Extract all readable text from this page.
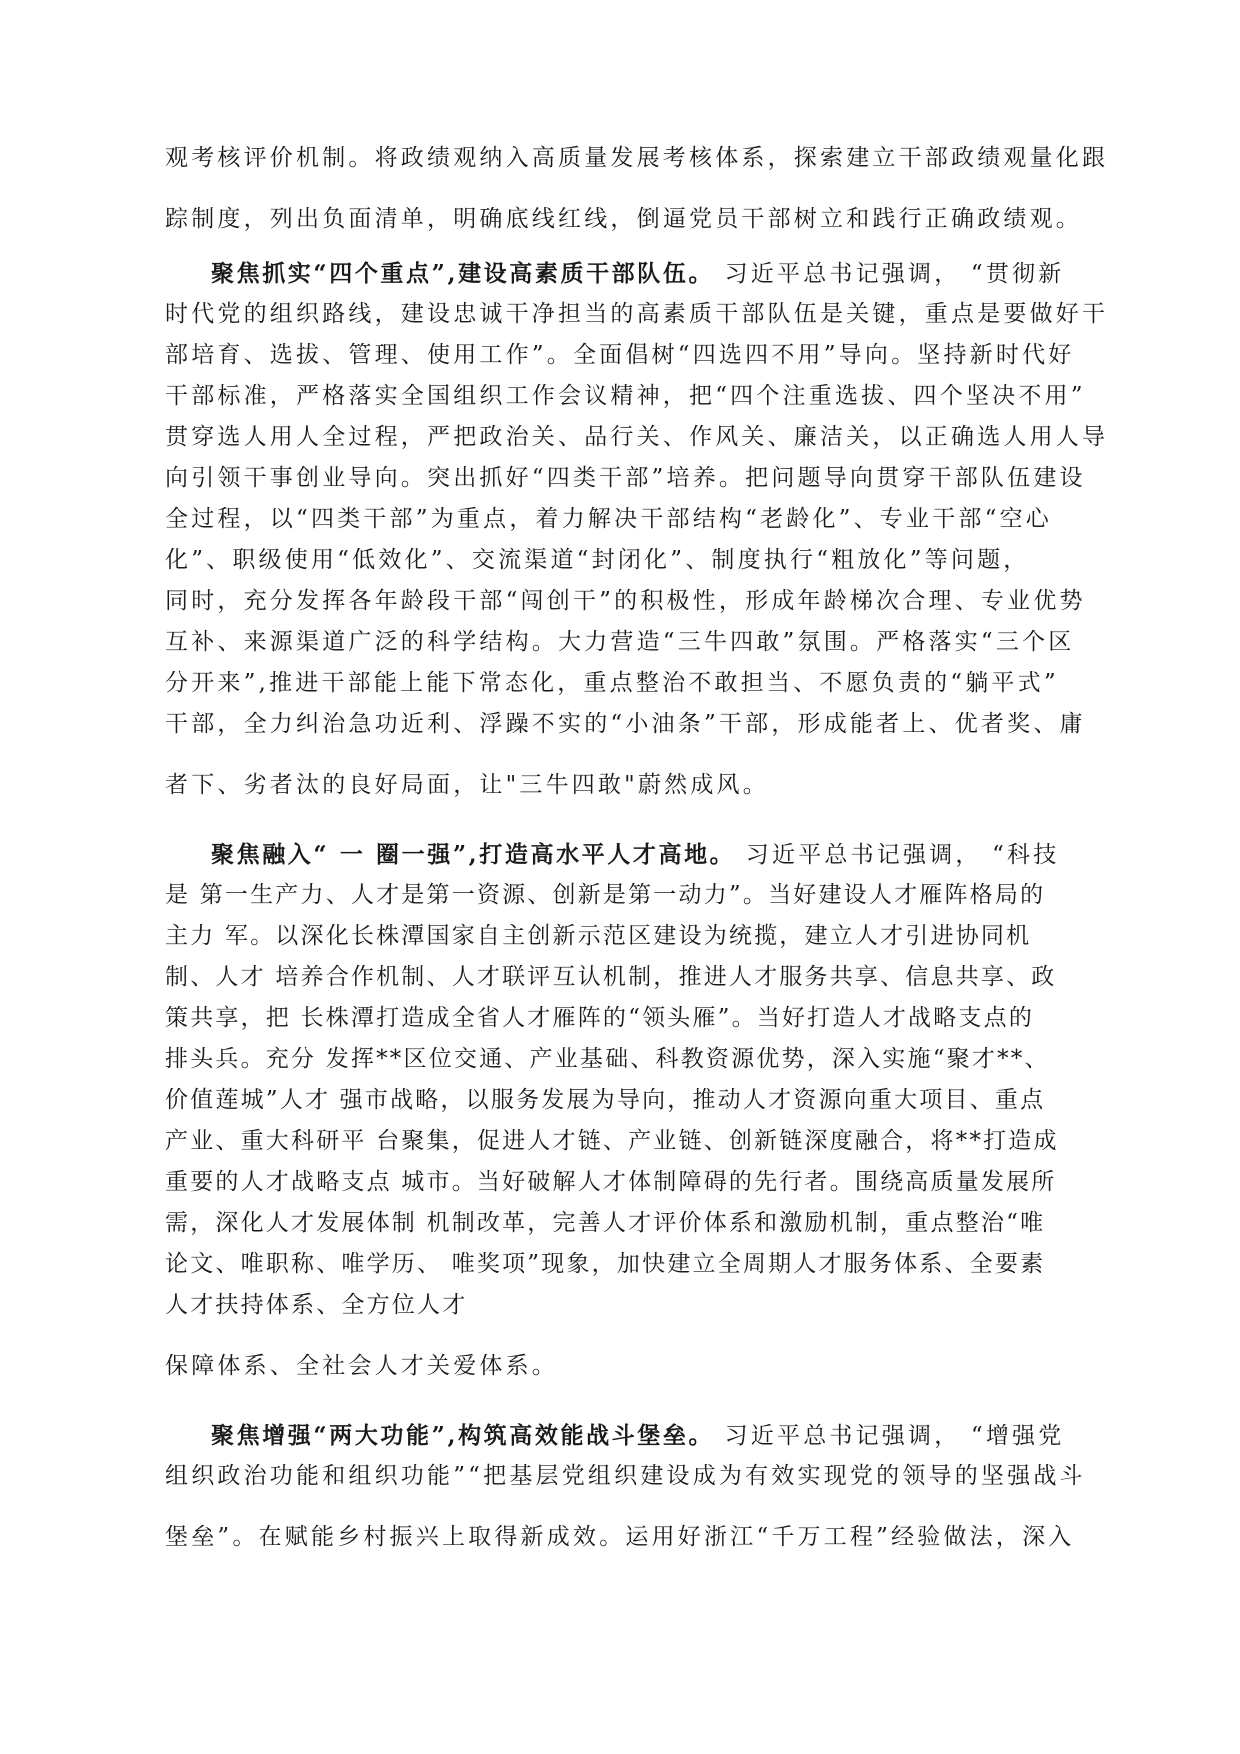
观考核评价机制。将政绩观纳入高质量发展考核体系，探索建立干部政绩观量化跟
踪制度，列出负面清单，明确底线红线，倒逼党员干部树立和践行正确政绩观。
聚焦抓实“四个重点”,建设高素质干部队伍。 习近平总书记强调， “贯彻新
时代党的组织路线，建设忠诚干净担当的高素质干部队伍是关键，重点是要做好干
部培育、选拔、管理、使用工作”。全面倡树“四选四不用”导向。坚持新时代好
干部标准，严格落实全国组织工作会议精神，把“四个注重选拔、四个坚决不用”
贯穿选人用人全过程，严把政治关、品行关、作风关、廉洁关，以正确选人用人导
向引领干事创业导向。突出抓好“四类干部”培养。把问题导向贯穿干部队伍建设
全过程，以“四类干部”为重点，着力解决干部结构“老龄化”、专业干部“空心
化”、职级使用“低效化”、交流渠道“封闭化”、制度执行“粗放化”等问题，
同时，充分发挥各年龄段干部“闯创干”的积极性，形成年龄梯次合理、专业优势
互补、来源渠道广泛的科学结构。大力营造“三牛四敢”氛围。严格落实“三个区
分开来”,推进干部能上能下常态化，重点整治不敢担当、不愿负责的“躺平式”
干部，全力纠治急功近利、浮躁不实的“小油条”干部，形成能者上、优者奖、庸
者下、劣者汰的良好局面，让"三牛四敢"蔚然成风。
聚焦融入“ 一 圈一强”,打造高水平人才高地。 习近平总书记强调， “科技
是 第一生产力、人才是第一资源、创新是第一动力”。当好建设人才雁阵格局的
主力 军。以深化长株潭国家自主创新示范区建设为统揽，建立人才引进协同机
制、人才 培养合作机制、人才联评互认机制，推进人才服务共享、信息共享、政
策共享，把 长株潭打造成全省人才雁阵的“领头雁”。当好打造人才战略支点的
排头兵。充分 发挥**区位交通、产业基础、科教资源优势，深入实施“聚才**、
价值莲城”人才 强市战略，以服务发展为导向，推动人才资源向重大项目、重点
产业、重大科研平 台聚集，促进人才链、产业链、创新链深度融合，将**打造成
重要的人才战略支点 城市。当好破解人才体制障碍的先行者。围绕高质量发展所
需，深化人才发展体制 机制改革，完善人才评价体系和激励机制，重点整治“唯
论文、唯职称、唯学历、 唯奖项”现象，加快建立全周期人才服务体系、全要素
人才扶持体系、全方位人才
保障体系、全社会人才关爱体系。
聚焦增强“两大功能”,构筑高效能战斗堡垒。 习近平总书记强调， “增强党
组织政治功能和组织功能”“把基层党组织建设成为有效实现党的领导的坚强战斗
堡垒”。在赋能乡村振兴上取得新成效。运用好浙江“千万工程”经验做法，深入
